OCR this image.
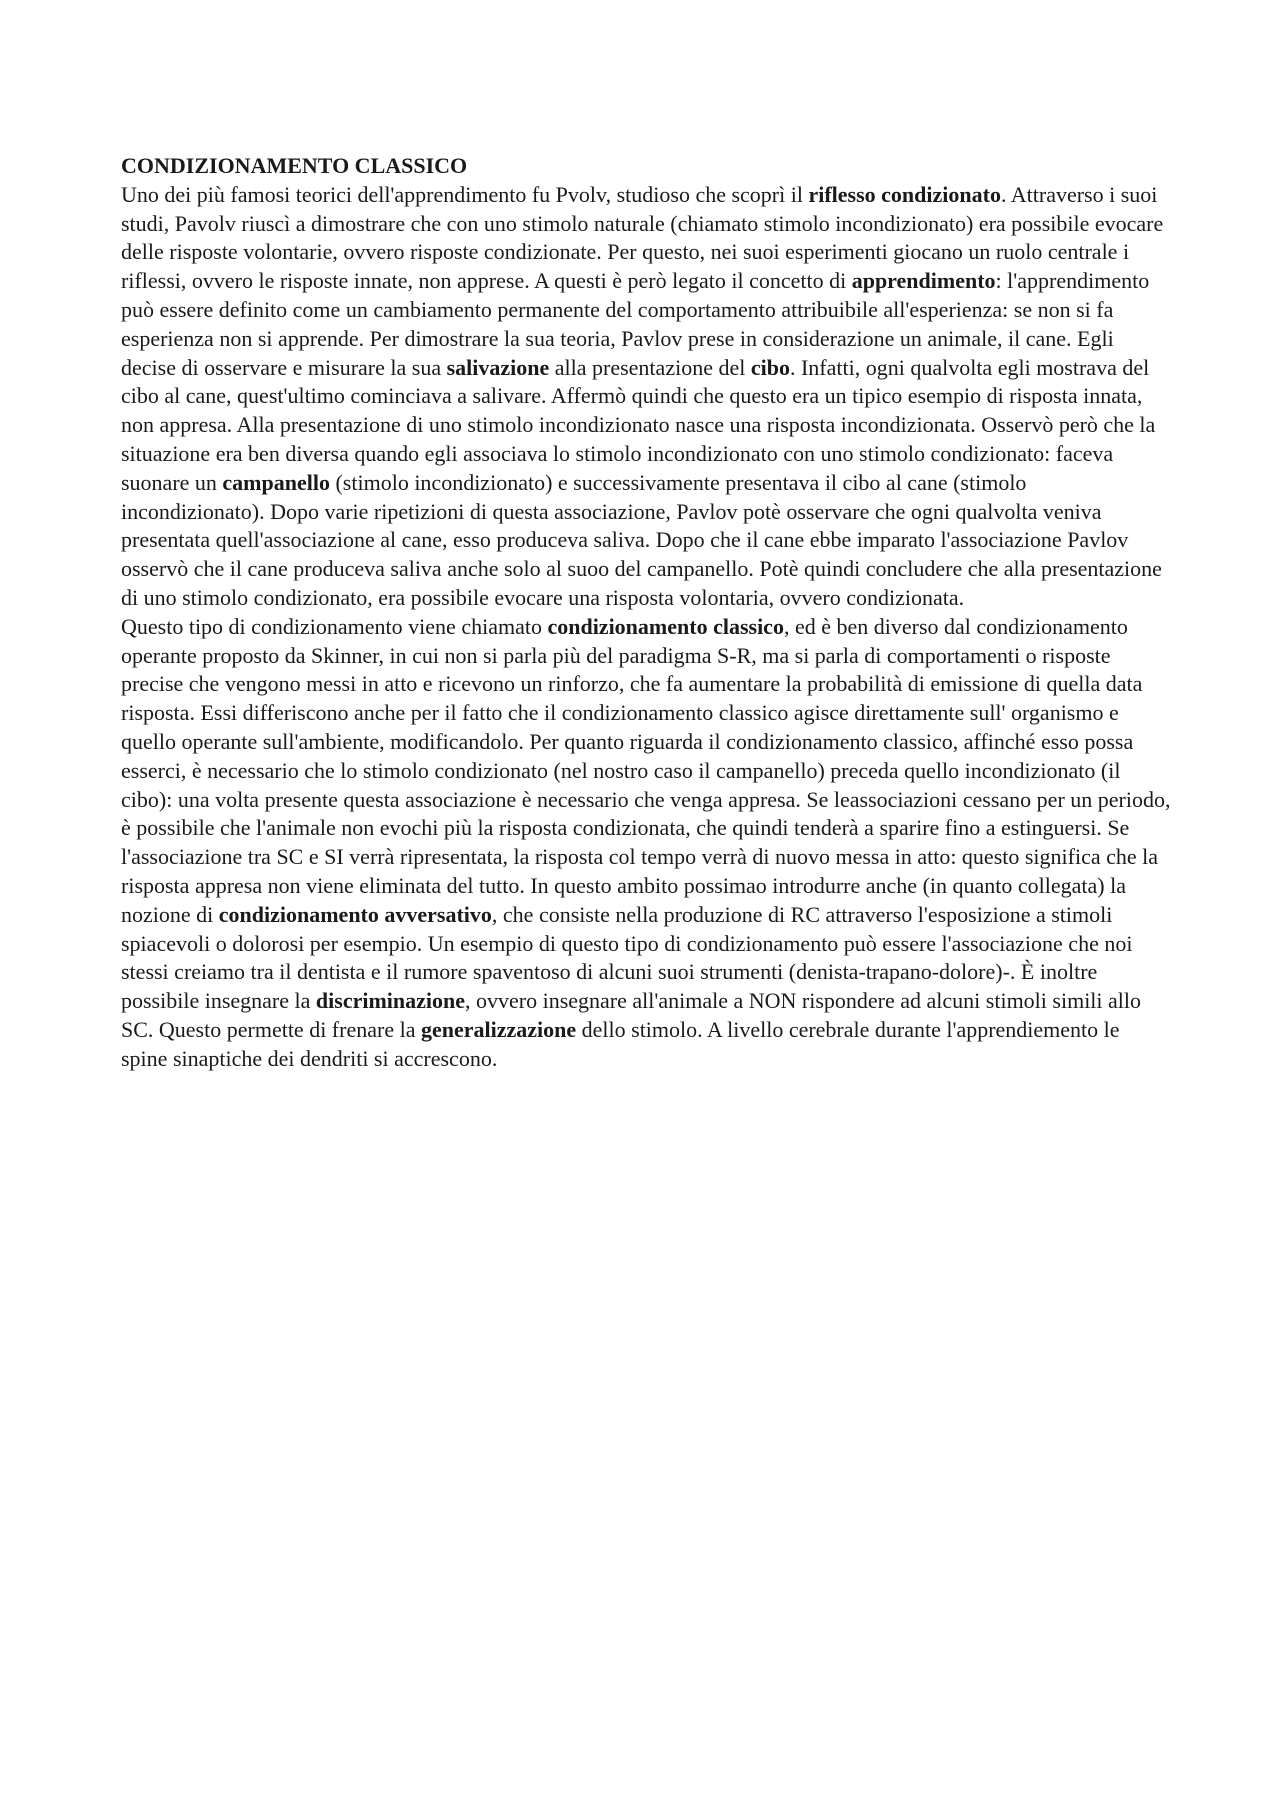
CONDIZIONAMENTO CLASSICO

Uno dei più famosi teorici dell'apprendimento fu Pvolv, studioso che scoprì il riflesso condizionato. Attraverso i suoi studi, Pavolv riuscì a dimostrare che con uno stimolo naturale (chiamato stimolo incondizionato) era possibile evocare delle risposte volontarie, ovvero risposte condizionate. Per questo, nei suoi esperimenti giocano un ruolo centrale i riflessi, ovvero le risposte innate, non apprese. A questi è però legato il concetto di apprendimento: l'apprendimento può essere definito come un cambiamento permanente del comportamento attribuibile all'esperienza: se non si fa esperienza non si apprende. Per dimostrare la sua teoria, Pavlov prese in considerazione un animale, il cane. Egli decise di osservare e misurare la sua salivazione alla presentazione del cibo. Infatti, ogni qualvolta egli mostrava del cibo al cane, quest'ultimo cominciava a salivare. Affermò quindi che questo era un tipico esempio di risposta innata, non appresa. Alla presentazione di uno stimolo incondizionato nasce una risposta incondizionata. Osservò però che la situazione era ben diversa quando egli associava lo stimolo incondizionato con uno stimolo condizionato: faceva suonare un campanello (stimolo incondizionato) e successivamente presentava il cibo al cane (stimolo incondizionato). Dopo varie ripetizioni di questa associazione, Pavlov potè osservare che ogni qualvolta veniva presentata quell'associazione al cane, esso produceva saliva. Dopo che il cane ebbe imparato l'associazione Pavlov osservò che il cane produceva saliva anche solo al suoo del campanello. Potè quindi concludere che alla presentazione di uno stimolo condizionato, era possibile evocare una risposta volontaria, ovvero condizionata.

Questo tipo di condizionamento viene chiamato condizionamento classico, ed è ben diverso dal condizionamento operante proposto da Skinner, in cui non si parla più del paradigma S-R, ma si parla di comportamenti o risposte precise che vengono messi in atto e ricevono un rinforzo, che fa aumentare la probabilità di emissione di quella data risposta. Essi differiscono anche per il fatto che il condizionamento classico agisce direttamente sull' organismo e quello operante sull'ambiente, modificandolo. Per quanto riguarda il condizionamento classico, affinché esso possa esserci, è necessario che lo stimolo condizionato (nel nostro caso il campanello) preceda quello incondizionato (il cibo): una volta presente questa associazione è necessario che venga appresa. Se leassociazioni cessano per un periodo, è possibile che l'animale non evochi più la risposta condizionata, che quindi tenderà a sparire fino a estinguersi. Se l'associazione tra SC e SI verrà ripresentata, la risposta col tempo verrà di nuovo messa in atto: questo significa che la risposta appresa non viene eliminata del tutto. In questo ambito possimao introdurre anche (in quanto collegata) la nozione di condizionamento avversativo, che consiste nella produzione di RC attraverso l'esposizione a stimoli spiacevoli o dolorosi per esempio. Un esempio di questo tipo di condizionamento può essere l'associazione che noi stessi creiamo tra il dentista e il rumore spaventoso di alcuni suoi strumenti (denista-trapano-dolore)-. È inoltre possibile insegnare la discriminazione, ovvero insegnare all'animale a NON rispondere ad alcuni stimoli simili allo SC. Questo permette di frenare la generalizzazione dello stimolo. A livello cerebrale durante l'apprendiemento le spine sinaptiche dei dendriti si accrescono.
